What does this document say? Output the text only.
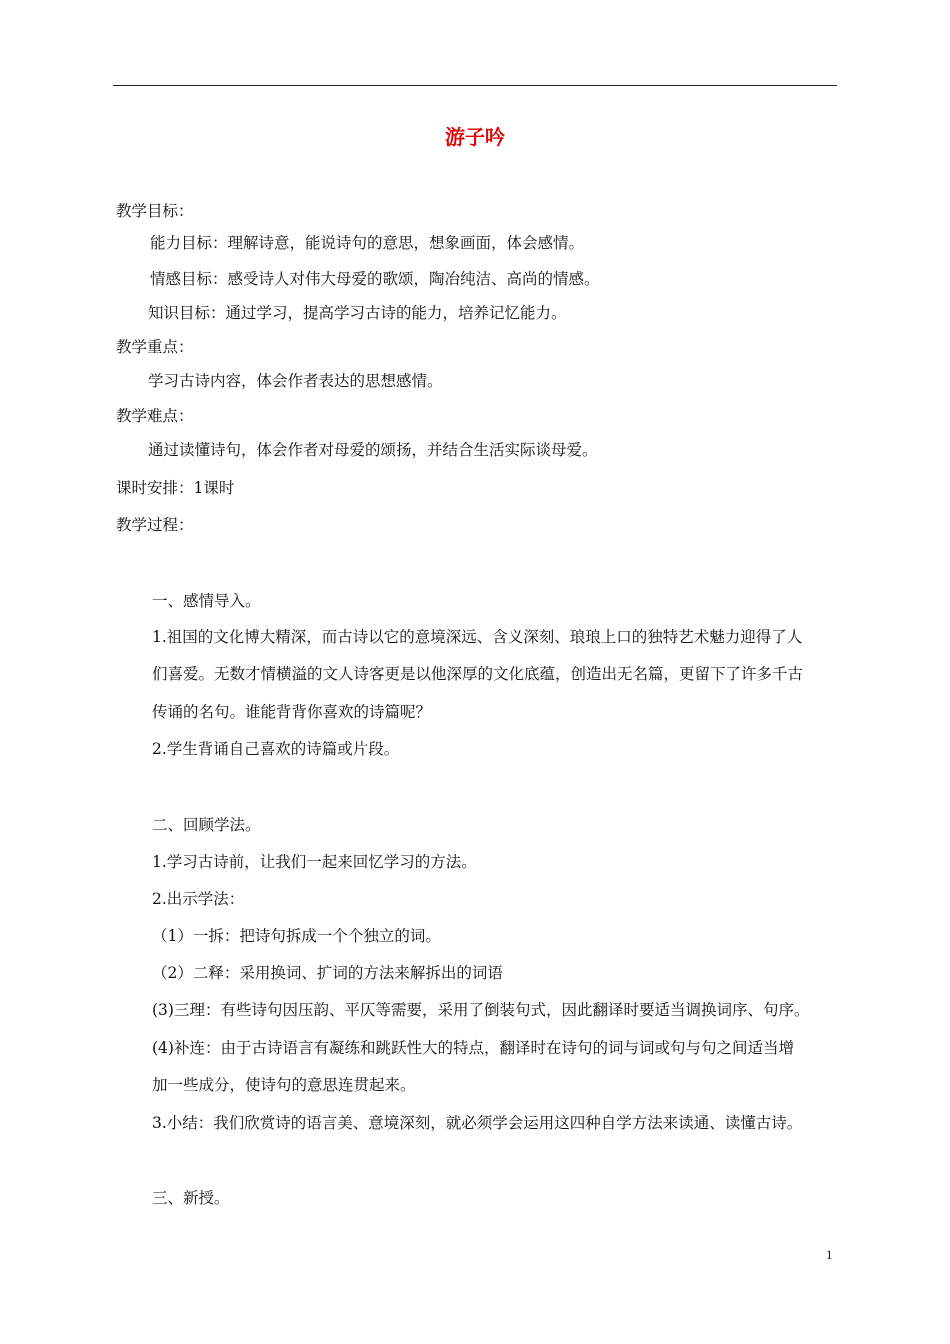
游子吟
教学目标：
能力目标：理解诗意，能说诗句的意思，想象画面，体会感情。
情感目标：感受诗人对伟大母爱的歌颂，陶冶纯洁、高尚的情感。
知识目标：通过学习，提高学习古诗的能力，培养记忆能力。
教学重点：
学习古诗内容，体会作者表达的思想感情。
教学难点：
通过读懂诗句，体会作者对母爱的颂扬，并结合生活实际谈母爱。
课时安排：1课时
教学过程：
一、感情导入。
1.祖国的文化博大精深，而古诗以它的意境深远、含义深刻、琅琅上口的独特艺术魅力迎得了人
们喜爱。无数才情横溢的文人诗客更是以他深厚的文化底蕴，创造出无名篇，更留下了许多千古
传诵的名句。谁能背背你喜欢的诗篇呢？
2.学生背诵自己喜欢的诗篇或片段。
二、回顾学法。
1.学习古诗前，让我们一起来回忆学习的方法。
2.出示学法：
（1）一拆：把诗句拆成一个个独立的词。
（2）二释：采用换词、扩词的方法来解拆出的词语
(3)三理：有些诗句因压韵、平仄等需要，采用了倒装句式，因此翻译时要适当调换词序、句序。
(4)补连：由于古诗语言有凝练和跳跃性大的特点，翻译时在诗句的词与词或句与句之间适当增
加一些成分，使诗句的意思连贯起来。
3.小结：我们欣赏诗的语言美、意境深刻，就必须学会运用这四种自学方法来读通、读懂古诗。
三、新授。
1
